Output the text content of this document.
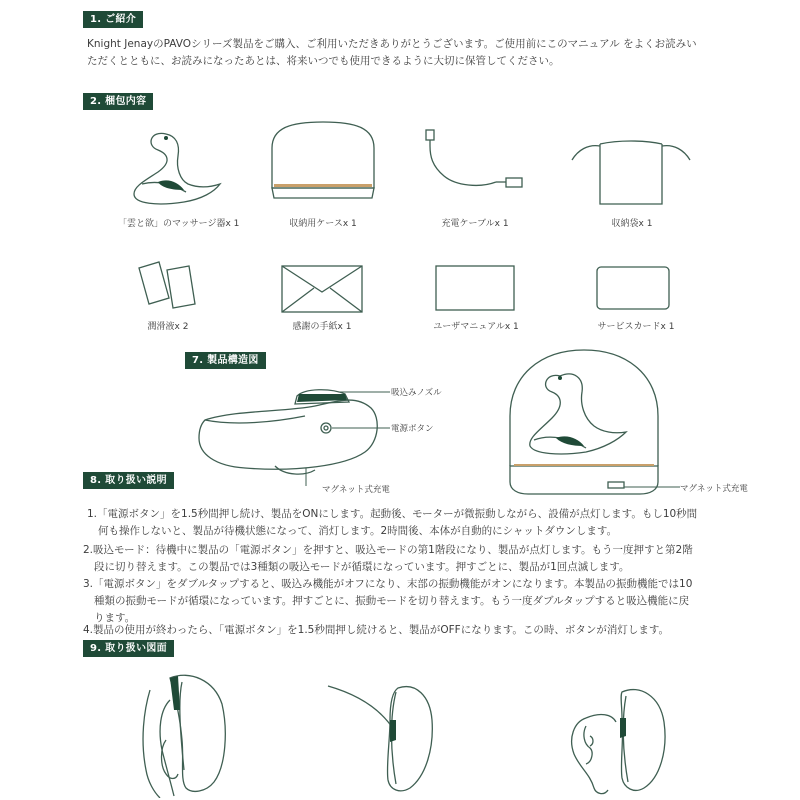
1. ご紹介
Knight JenayのPAVOシリーズ製品をご購入、ご利用いただきありがとうございます。ご使用前にこのマニュアル をよくお読みい
ただくとともに、お読みになったあとは、将来いつでも使用できるように大切に保管してください。
2. 梱包内容
「雲と欲」のマッサージ器x 1	収納用ケースx 1	充電ケーブルx 1	収納袋x 1
潤滑液x 2	感謝の手紙x 1	ユーザマニュアルx 1	サービスカードx 1
7. 製品構造図
吸込みノズル
電源ボタン
マグネット式充電	マグネット式充電
8. 取り扱い説明
1.「電源ボタン」を1.5秒間押し続け、製品をONにします。起動後、モーターが微振動しながら、設備が点灯します。もし10秒間
何も操作しないと、製品が待機状態になって、消灯します。2時間後、本体が自動的にシャットダウンします。
2.吸込モード：待機中に製品の「電源ボタン」を押すと、吸込モードの第1階段になり、製品が点灯します。もう一度押すと第2階
段に切り替えます。この製品では3種類の吸込モードが循環になっています。押すごとに、製品が1回点滅します。
3.「電源ボタン」をダブルタップすると、吸込み機能がオフになり、末部の振動機能がオンになります。本製品の振動機能では10
種類の振動モードが循環になっています。押すごとに、振動モードを切り替えます。もう一度ダブルタップすると吸込機能に戻
ります。
4.製品の使用が終わったら、「電源ボタン」を1.5秒間押し続けると、製品がOFFになります。この時、ボタンが消灯します。
9. 取り扱い図面
